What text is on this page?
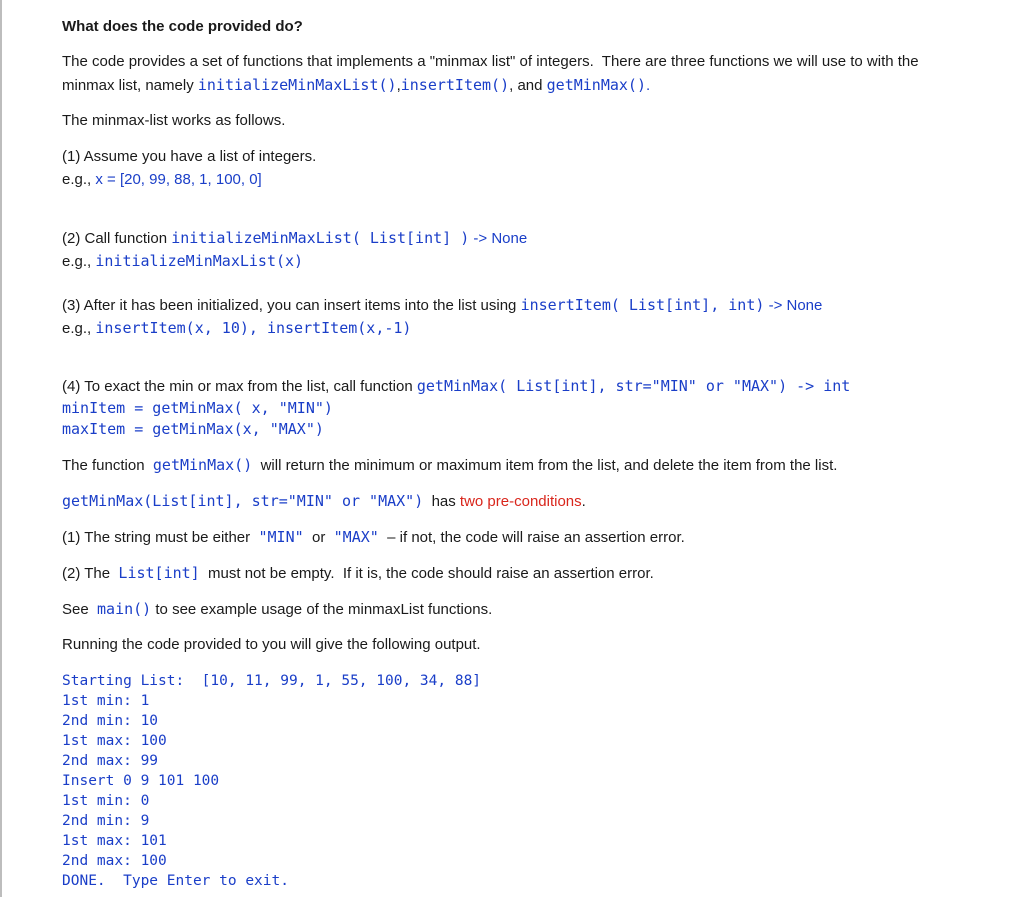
What does the code provided do?
The code provides a set of functions that implements a "minmax list" of integers.  There are three functions we will use to with the
minmax list, namely initializeMinMaxList(),insertItem(), and getMinMax().
The minmax-list works as follows.
(1) Assume you have a list of integers.
e.g., x = [20, 99, 88, 1, 100, 0]
(2) Call function initializeMinMaxList( List[int] ) -> None
e.g., initializeMinMaxList(x)
(3) After it has been initialized, you can insert items into the list using insertItem( List[int], int) -> None
e.g., insertItem(x, 10), insertItem(x,-1)
(4) To exact the min or max from the list, call function getMinMax( List[int], str="MIN" or "MAX") -> int
minItem = getMinMax( x, "MIN")
maxItem = getMinMax(x, "MAX")
The function  getMinMax()  will return the minimum or maximum item from the list, and delete the item from the list.
getMinMax(List[int], str="MIN" or "MAX")  has two pre-conditions.
(1) The string must be either  "MIN"  or  "MAX"  – if not, the code will raise an assertion error.
(2) The  List[int]  must not be empty.  If it is, the code should raise an assertion error.
See  main() to see example usage of the minmaxList functions.
Running the code provided to you will give the following output.
Starting List:  [10, 11, 99, 1, 55, 100, 34, 88]
1st min: 1
2nd min: 10
1st max: 100
2nd max: 99
Insert 0 9 101 100
1st min: 0
2nd min: 9
1st max: 101
2nd max: 100
DONE.  Type Enter to exit.
